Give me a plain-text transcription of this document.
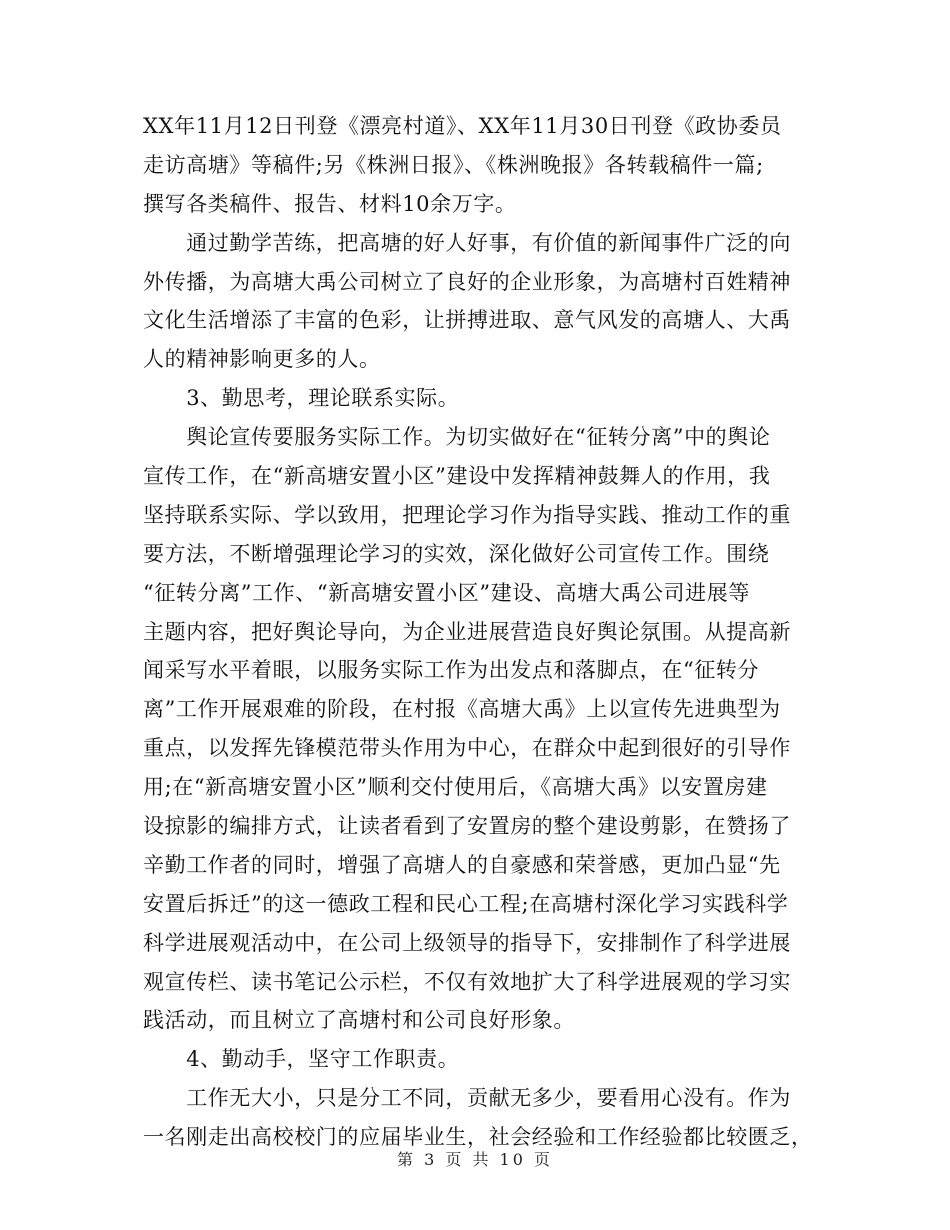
XX年11月12日刊登《漂亮村道》、XX年11月30日刊登《政协委员
走访高塘》等稿件;另《株洲日报》、《株洲晚报》各转载稿件一篇;
撰写各类稿件、报告、材料10余万字。
　　通过勤学苦练，把高塘的好人好事，有价值的新闻事件广泛的向
外传播，为高塘大禹公司树立了良好的企业形象，为高塘村百姓精神
文化生活增添了丰富的色彩，让拼搏进取、意气风发的高塘人、大禹
人的精神影响更多的人。
　　3、勤思考，理论联系实际。
　　舆论宣传要服务实际工作。为切实做好在“征转分离”中的舆论
宣传工作，在“新高塘安置小区”建设中发挥精神鼓舞人的作用，我
坚持联系实际、学以致用，把理论学习作为指导实践、推动工作的重
要方法，不断增强理论学习的实效，深化做好公司宣传工作。围绕
“征转分离”工作、“新高塘安置小区”建设、高塘大禹公司进展等
主题内容，把好舆论导向，为企业进展营造良好舆论氛围。从提高新
闻采写水平着眼，以服务实际工作为出发点和落脚点，在“征转分
离”工作开展艰难的阶段，在村报《高塘大禹》上以宣传先进典型为
重点，以发挥先锋模范带头作用为中心，在群众中起到很好的引导作
用;在“新高塘安置小区”顺利交付使用后，《高塘大禹》以安置房建
设掠影的编排方式，让读者看到了安置房的整个建设剪影，在赞扬了
辛勤工作者的同时，增强了高塘人的自豪感和荣誉感，更加凸显“先
安置后拆迁”的这一德政工程和民心工程;在高塘村深化学习实践科学
科学进展观活动中，在公司上级领导的指导下，安排制作了科学进展
观宣传栏、读书笔记公示栏，不仅有效地扩大了科学进展观的学习实
践活动，而且树立了高塘村和公司良好形象。
　　4、勤动手，坚守工作职责。
　　工作无大小，只是分工不同，贡献无多少，要看用心没有。作为
一名刚走出高校校门的应届毕业生，社会经验和工作经验都比较匮乏，
第 3 页 共 10 页
